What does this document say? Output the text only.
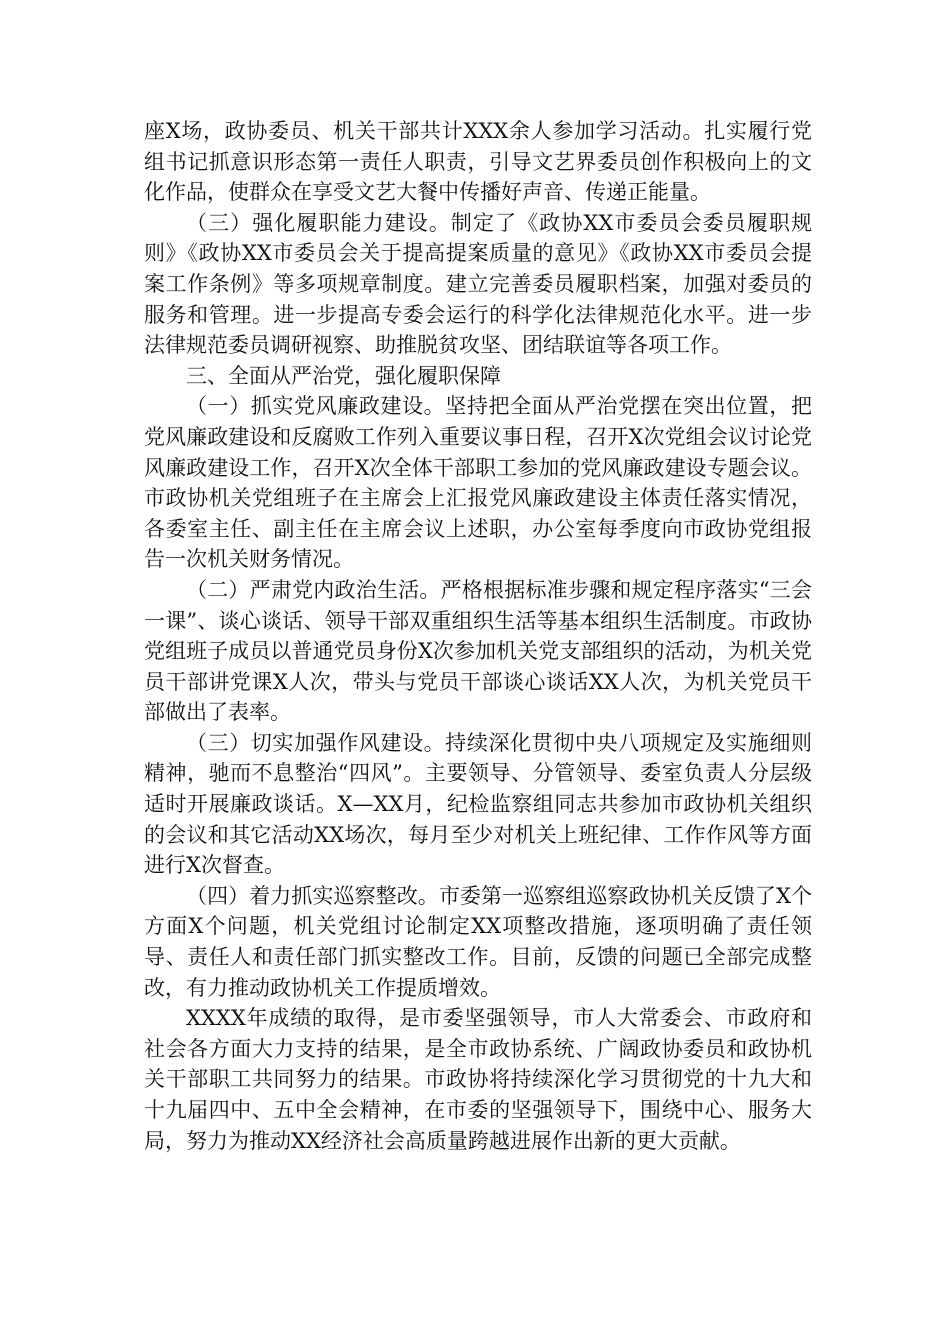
座X场，政协委员、机关干部共计XXX余人参加学习活动。扎实履行党组书记抓意识形态第一责任人职责，引导文艺界委员创作积极向上的文化作品，使群众在享受文艺大餐中传播好声音、传递正能量。

（三）强化履职能力建设。制定了《政协XX市委员会委员履职规则》《政协XX市委员会关于提高提案质量的意见》《政协XX市委员会提案工作条例》等多项规章制度。建立完善委员履职档案，加强对委员的服务和管理。进一步提高专委会运行的科学化法律规范化水平。进一步法律规范委员调研视察、助推脱贫攻坚、团结联谊等各项工作。

三、全面从严治党，强化履职保障

（一）抓实党风廉政建设。坚持把全面从严治党摆在突出位置，把党风廉政建设和反腐败工作列入重要议事日程，召开X次党组会议讨论党风廉政建设工作，召开X次全体干部职工参加的党风廉政建设专题会议。市政协机关党组班子在主席会上汇报党风廉政建设主体责任落实情况，各委室主任、副主任在主席会议上述职，办公室每季度向市政协党组报告一次机关财务情况。

（二）严肃党内政治生活。严格根据标准步骤和规定程序落实“三会一课”、谈心谈话、领导干部双重组织生活等基本组织生活制度。市政协党组班子成员以普通党员身份X次参加机关党支部组织的活动，为机关党员干部讲党课X人次，带头与党员干部谈心谈话XX人次，为机关党员干部做出了表率。

（三）切实加强作风建设。持续深化贯彻中央八项规定及实施细则精神，驰而不息整治“四风”。主要领导、分管领导、委室负责人分层级适时开展廉政谈话。X—XX月，纪检监察组同志共参加市政协机关组织的会议和其它活动XX场次，每月至少对机关上班纪律、工作作风等方面进行X次督查。

（四）着力抓实巡察整改。市委第一巡察组巡察政协机关反馈了X个方面X个问题，机关党组讨论制定XX项整改措施，逐项明确了责任领导、责任人和责任部门抓实整改工作。目前，反馈的问题已全部完成整改，有力推动政协机关工作提质增效。

XXXX年成绩的取得，是市委坚强领导，市人大常委会、市政府和社会各方面大力支持的结果，是全市政协系统、广阔政协委员和政协机关干部职工共同努力的结果。市政协将持续深化学习贯彻党的十九大和十九届四中、五中全会精神，在市委的坚强领导下，围绕中心、服务大局，努力为推动XX经济社会高质量跨越进展作出新的更大贡献。
